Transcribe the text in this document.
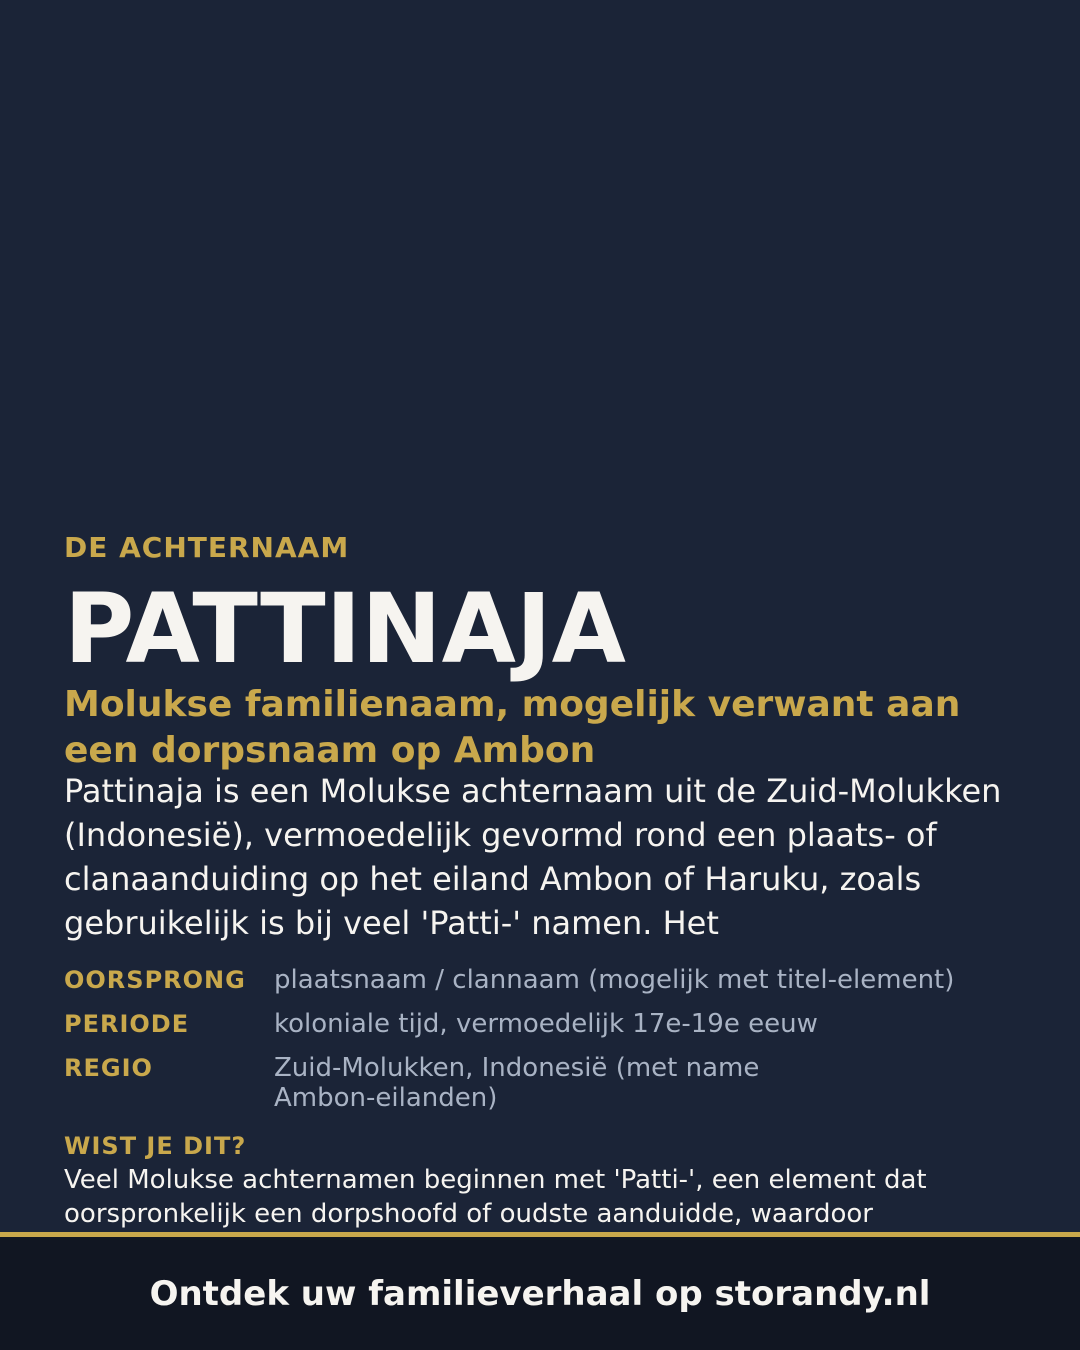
DE ACHTERNAAM
PATTINAJA
Molukse familienaam, mogelijk verwant aan een dorpsnaam op Ambon
Pattinaja is een Molukse achternaam uit de Zuid-Molukken (Indonesië), vermoedelijk gevormd rond een plaats- of clanaanduiding op het eiland Ambon of Haruku, zoals gebruikelijk is bij veel 'Patti-' namen. Het
OORSPRONG	plaatsnaam / clannaam (mogelijk met titel-element)
PERIODE	koloniale tijd, vermoedelijk 17e-19e eeuw
REGIO	Zuid-Molukken, Indonesië (met name Ambon-eilanden)
WIST JE DIT?
Veel Molukse achternamen beginnen met 'Patti-', een element dat oorspronkelijk een dorpshoofd of oudste aanduidde, waardoor
Ontdek uw familieverhaal op storandy.nl
